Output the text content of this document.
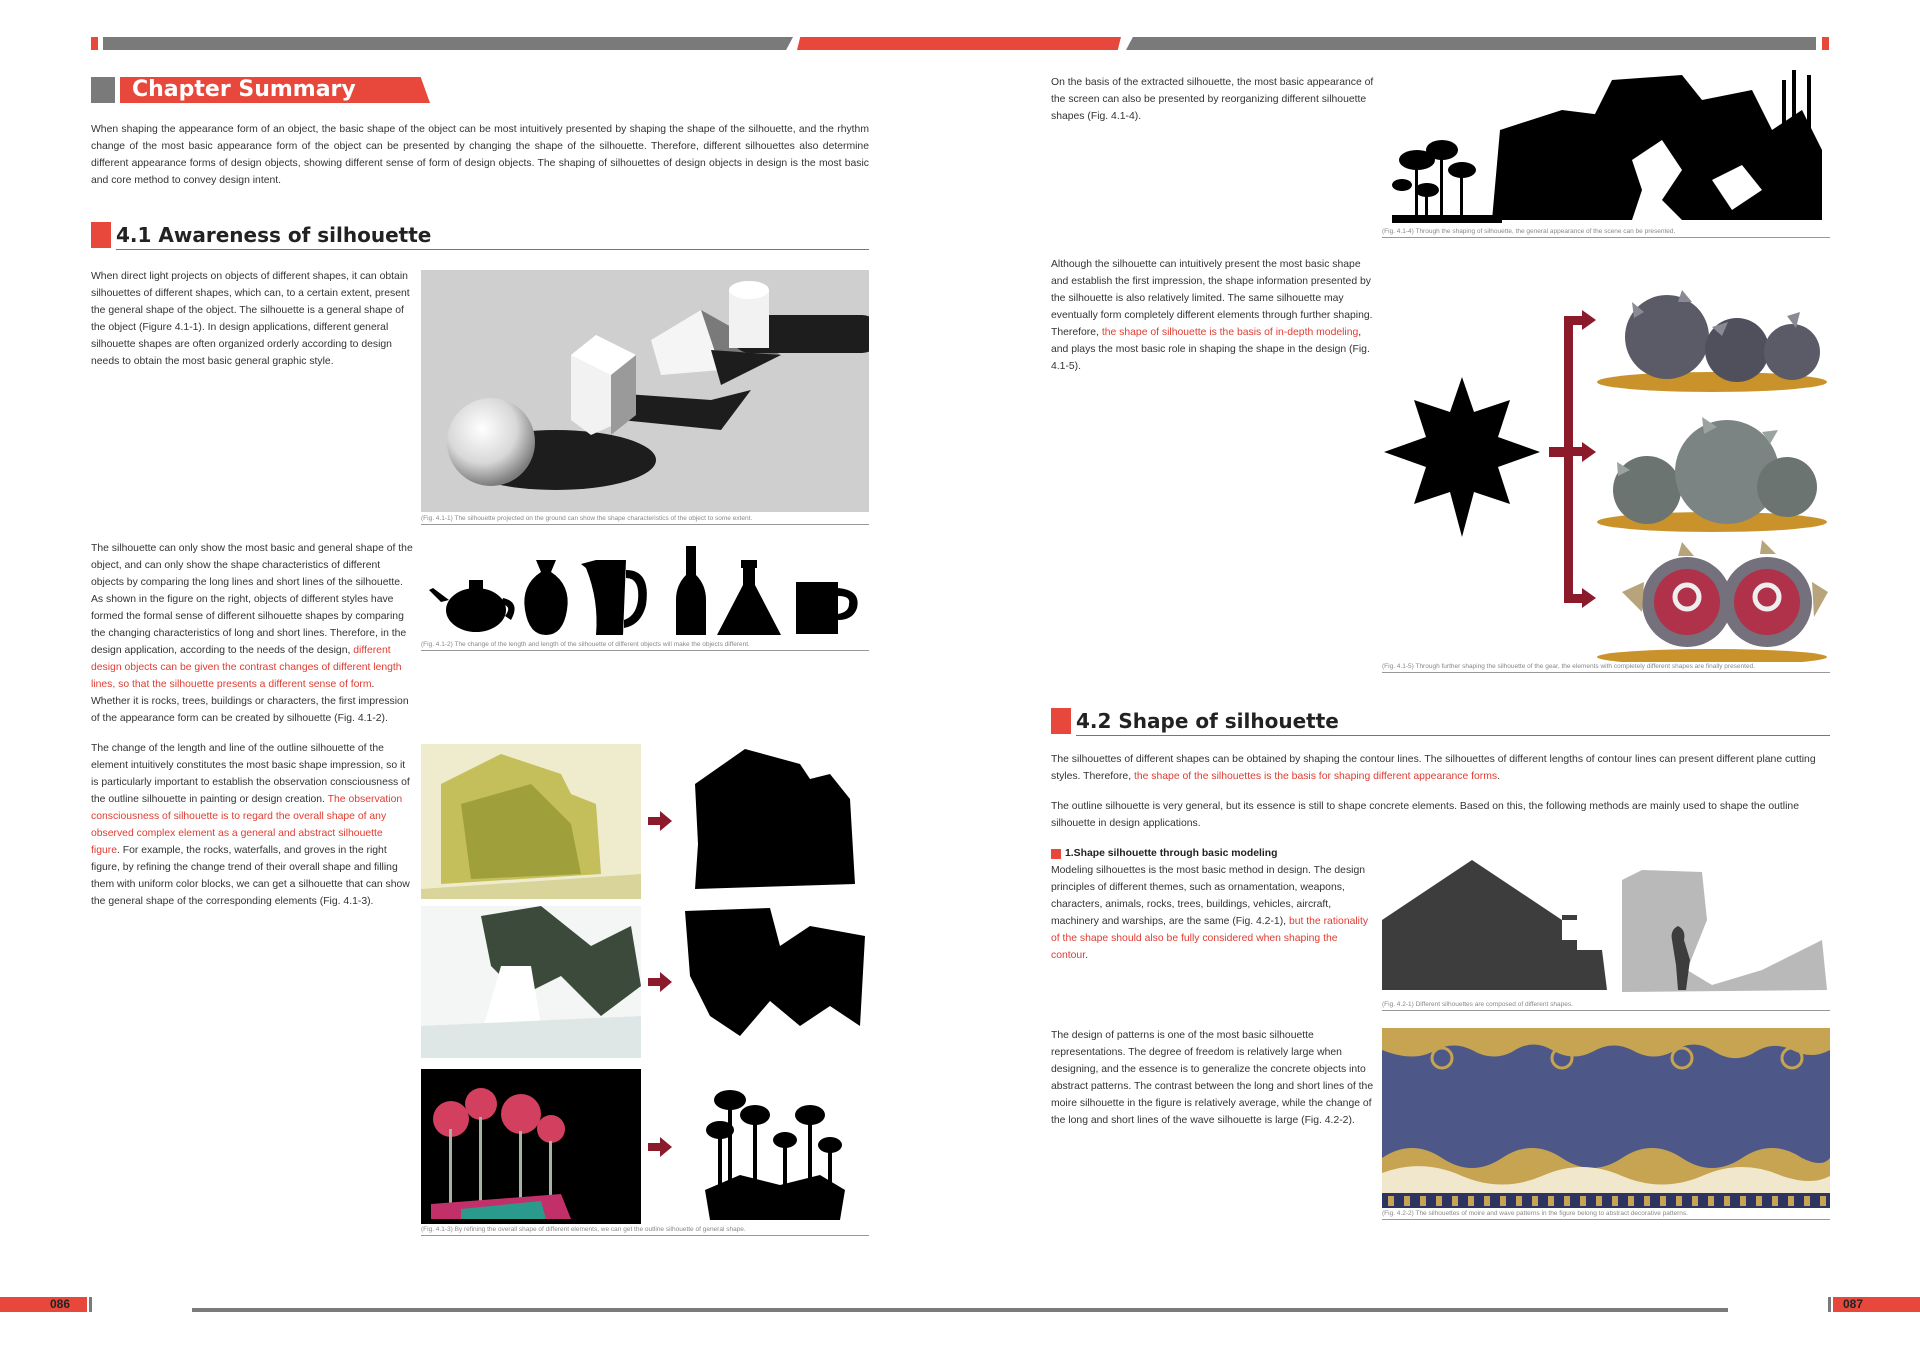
Chapter Summary

When shaping the appearance form of an object, the basic shape of the object can be most intuitively presented by shaping the shape of the silhouette, and the rhythm change of the most basic appearance form of the object can be presented by changing the shape of the silhouette. Therefore, different silhouettes also determine different appearance forms of design objects, showing different sense of form of design objects. The shaping of silhouettes of design objects in design is the most basic and core method to convey design intent.

4.1 Awareness of silhouette

When direct light projects on objects of different shapes, it can obtain silhouettes of different shapes, which can, to a certain extent, present the general shape of the object. The silhouette is a general shape of the object (Figure 4.1-1). In design applications, different general silhouette shapes are often organized orderly according to design needs to obtain the most basic general graphic style.

(Fig. 4.1-1) The silhouette projected on the ground can show the shape characteristics of the object to some extent.

The silhouette can only show the most basic and general shape of the object, and can only show the shape characteristics of different objects by comparing the long lines and short lines of the silhouette. As shown in the figure on the right, objects of different styles have formed the formal sense of different silhouette shapes by comparing the changing characteristics of long and short lines. Therefore, in the design application, according to the needs of the design, different design objects can be given the contrast changes of different length lines, so that the silhouette presents a different sense of form. Whether it is rocks, trees, buildings or characters, the first impression of the appearance form can be created by silhouette (Fig. 4.1-2).

(Fig. 4.1-2) The change of the length and length of the silhouette of different objects will make the objects different.

The change of the length and line of the outline silhouette of the element intuitively constitutes the most basic shape impression, so it is particularly important to establish the observation consciousness of the outline silhouette in painting or design creation. The observation consciousness of silhouette is to regard the overall shape of any observed complex element as a general and abstract silhouette figure. For example, the rocks, waterfalls, and groves in the right figure, by refining the change trend of their overall shape and filling them with uniform color blocks, we can get a silhouette that can show the general shape of the corresponding elements (Fig. 4.1-3).

(Fig. 4.1-3) By refining the overall shape of different elements, we can get the outline silhouette of general shape.

On the basis of the extracted silhouette, the most basic appearance of the screen can also be presented by reorganizing different silhouette shapes (Fig. 4.1-4).

(Fig. 4.1-4) Through the shaping of silhouette, the general appearance of the scene can be presented.

Although the silhouette can intuitively present the most basic shape and establish the first impression, the shape information presented by the silhouette is also relatively limited. The same silhouette may eventually form completely different elements through further shaping. Therefore, the shape of silhouette is the basis of in-depth modeling, and plays the most basic role in shaping the shape in the design (Fig. 4.1-5).

(Fig. 4.1-5) Through further shaping the silhouette of the gear, the elements with completely different shapes are finally presented.
4.2 Shape of silhouette

The silhouettes of different shapes can be obtained by shaping the contour lines. The silhouettes of different lengths of contour lines can present different plane cutting styles. Therefore, the shape of the silhouettes is the basis for shaping different appearance forms.

The outline silhouette is very general, but its essence is still to shape concrete elements. Based on this, the following methods are mainly used to shape the outline silhouette in design applications.

1.Shape silhouette through basic modeling

Modeling silhouettes is the most basic method in design. The design principles of different themes, such as ornamentation, weapons, characters, animals, rocks, trees, buildings, vehicles, aircraft, machinery and warships, are the same (Fig. 4.2-1), but the rationality of the shape should also be fully considered when shaping the contour.

(Fig. 4.2-1) Different silhouettes are composed of different shapes.

The design of patterns is one of the most basic silhouette representations. The degree of freedom is relatively large when designing, and the essence is to generalize the concrete objects into abstract patterns. The contrast between the long and short lines of the moire silhouette in the figure is relatively average, while the change of the long and short lines of the wave silhouette is large (Fig. 4.2-2).

(Fig. 4.2-2) The silhouettes of moire and wave patterns in the figure belong to abstract decorative patterns.
086	087
